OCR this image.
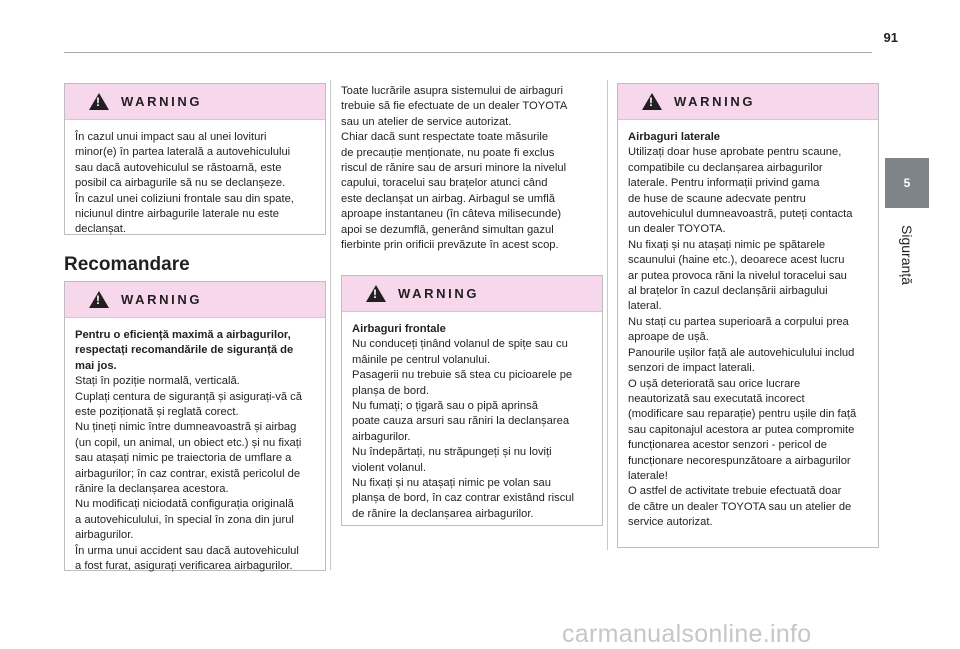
91
5
Siguranță
!
WARNING

În cazul unui impact sau al unei lovituri

minor(e) în partea laterală a autovehiculului

sau dacă autovehiculul se răstoarnă, este

posibil ca airbagurile să nu se declanșeze.

În cazul unei coliziuni frontale sau din spate,

niciunul dintre airbagurile laterale nu este

declanșat.

Recomandare
!
WARNING

Pentru o eficiență maximă a airbagurilor,

respectați recomandările de siguranță de

mai jos.

Stați în poziție normală, verticală.

Cuplați centura de siguranță și asigurați-vă că

este poziționată și reglată corect.

Nu țineți nimic între dumneavoastră și airbag

(un copil, un animal, un obiect etc.) și nu fixați

sau atașați nimic pe traiectoria de umflare a

airbagurilor; în caz contrar, există pericolul de

rănire la declanșarea acestora.

Nu modificați niciodată configurația originală

a autovehiculului, în special în zona din jurul

airbagurilor.

În urma unui accident sau dacă autovehiculul

a fost furat, asigurați verificarea airbagurilor.

Toate lucrările asupra sistemului de airbaguri

trebuie să fie efectuate de un dealer TOYOTA

sau un atelier de service autorizat.

Chiar dacă sunt respectate toate măsurile

de precauție menționate, nu poate fi exclus

riscul de rănire sau de arsuri minore la nivelul

capului, toracelui sau brațelor atunci când

este declanșat un airbag. Airbagul se umflă

aproape instantaneu (în câteva milisecunde)

apoi se dezumflă, generând simultan gazul

fierbinte prin orificii prevăzute în acest scop.

!
WARNING

Airbaguri frontale

Nu conduceți ținând volanul de spițe sau cu

mâinile pe centrul volanului.

Pasagerii nu trebuie să stea cu picioarele pe

planșa de bord.

Nu fumați; o țigară sau o pipă aprinsă

poate cauza arsuri sau răniri la declanșarea

airbagurilor.

Nu îndepărtați, nu străpungeți și nu loviți

violent volanul.

Nu fixați și nu atașați nimic pe volan sau

planșa de bord, în caz contrar existând riscul

de rănire la declanșarea airbagurilor.

!
WARNING

Airbaguri laterale

Utilizați doar huse aprobate pentru scaune,

compatibile cu declanșarea airbagurilor

laterale. Pentru informații privind gama

de huse de scaune adecvate pentru

autovehiculul dumneavoastră, puteți contacta

un dealer TOYOTA.

Nu fixați și nu atașați nimic pe spătarele

scaunului (haine etc.), deoarece acest lucru

ar putea provoca răni la nivelul toracelui sau

al brațelor în cazul declanșării airbagului

lateral.

Nu stați cu partea superioară a corpului prea

aproape de ușă.

Panourile ușilor față ale autovehiculului includ

senzori de impact laterali.

O ușă deteriorată sau orice lucrare

neautorizată sau executată incorect

(modificare sau reparație) pentru ușile din față

sau capitonajul acestora ar putea compromite

funcționarea acestor senzori - pericol de

funcționare necorespunzătoare a airbagurilor

laterale!

O astfel de activitate trebuie efectuată doar

de către un dealer TOYOTA sau un atelier de

service autorizat.

carmanualsonline.info
